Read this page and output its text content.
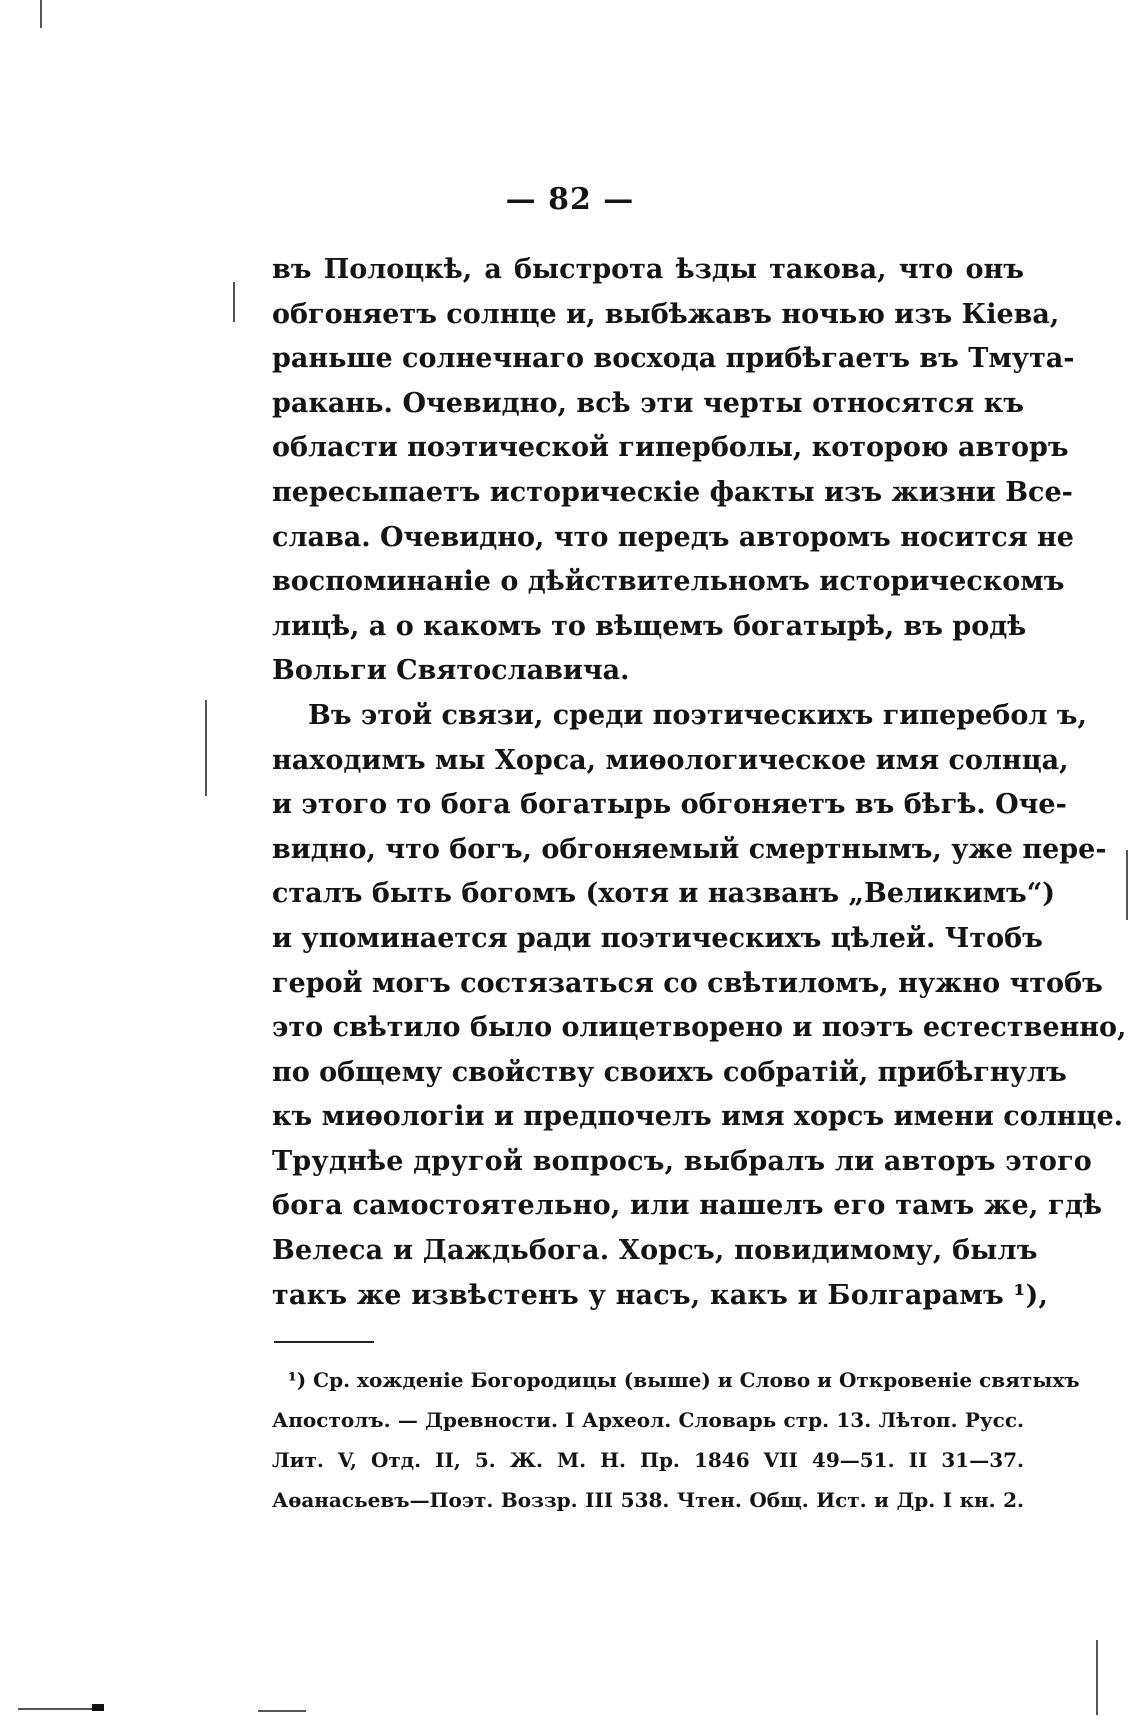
— 82 —
въ Полоцкѣ, а быстрота ѣзды такова, что онъ
обгоняетъ солнце и, выбѣжавъ ночью изъ Кіева,
раньше солнечнаго восхода прибѣгаетъ въ Тмута-
ракань. Очевидно, всѣ эти черты относятся къ
области поэтической гиперболы, которою авторъ
пересыпаетъ историческіе факты изъ жизни Все-
слава. Очевидно, что передъ авторомъ носится не
воспоминаніе о дѣйствительномъ историческомъ
лицѣ, а о какомъ то вѣщемъ богатырѣ, въ родѣ
Вольги Святославича.
Въ этой связи, среди поэтическихъ гиперебол ъ,
находимъ мы Хорса, миѳологическое имя солнца,
и этого то бога богатырь обгоняетъ въ бѣгѣ. Оче-
видно, что богъ, обгоняемый смертнымъ, уже пере-
сталъ быть богомъ (хотя и названъ „Великимъ“)
и упоминается ради поэтическихъ цѣлей. Чтобъ
герой могъ состязаться со свѣтиломъ, нужно чтобъ
это свѣтило было олицетворено и поэтъ естественно,
по общему свойству своихъ собратій, прибѣгнулъ
къ миѳологіи и предпочелъ имя хорсъ имени солнце.
Труднѣе другой вопросъ, выбралъ ли авторъ этого
бога самостоятельно, или нашелъ его тамъ же, гдѣ
Велеса и Даждьбога. Хорсъ, повидимому, былъ
такъ же извѣстенъ у насъ, какъ и Болгарамъ ¹),
¹) Ср. хожденіе Богородицы (выше) и Слово и Откровеніе святыхъ
Апостолъ. — Древности. I Археол. Словарь стр. 13. Лѣтоп. Русс.
Лит. V, Отд. II, 5. Ж. М. Н. Пр. 1846 VII 49—51. II 31—37.
Аѳанасьевъ—Поэт. Воззр. III 538. Чтен. Общ. Ист. и Др. I кн. 2.
